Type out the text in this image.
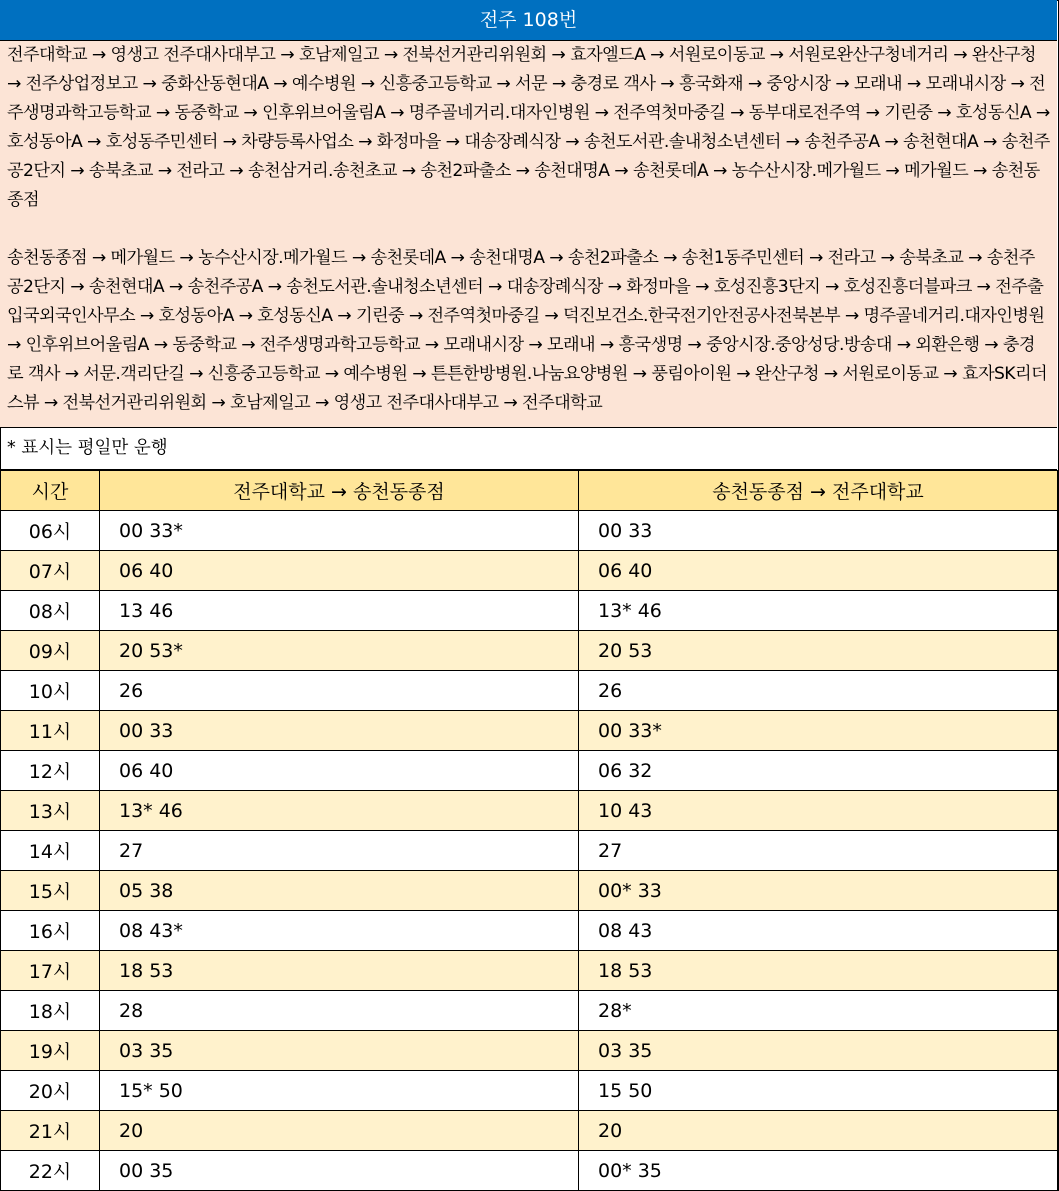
전주 108번

전주대학교 → 영생고 전주대사대부고 → 호남제일고 → 전북선거관리위원회 → 효자엘드A → 서원로이동교 → 서원로완산구청네거리 → 완산구청 → 전주상업정보고 → 중화산동현대A → 예수병원 → 신흥중고등학교 → 서문 → 충경로 객사 → 흥국화재 → 중앙시장 → 모래내 → 모래내시장 → 전주생명과학고등학교 → 동중학교 → 인후위브어울림A → 명주골네거리.대자인병원 → 전주역첫마중길 → 동부대로전주역 → 기린중 → 호성동신A → 호성동아A → 호성동주민센터 → 차량등록사업소 → 화정마을 → 대송장례식장 → 송천도서관.솔내청소년센터 → 송천주공A → 송천현대A → 송천주공2단지 → 송북초교 → 전라고 → 송천삼거리.송천초교 → 송천2파출소 → 송천대명A → 송천롯데A → 농수산시장.메가월드 → 메가월드 → 송천동종점

송천동종점 → 메가월드 → 농수산시장.메가월드 → 송천롯데A → 송천대명A → 송천2파출소 → 송천1동주민센터 → 전라고 → 송북초교 → 송천주공2단지 → 송천현대A → 송천주공A → 송천도서관.솔내청소년센터 → 대송장례식장 → 화정마을 → 호성진흥3단지 → 호성진흥더블파크 → 전주출입국외국인사무소 → 호성동아A → 호성동신A → 기린중 → 전주역첫마중길 → 덕진보건소.한국전기안전공사전북본부 → 명주골네거리.대자인병원 → 인후위브어울림A → 동중학교 → 전주생명과학고등학교 → 모래내시장 → 모래내 → 흥국생명 → 중앙시장.중앙성당.방송대 → 외환은행 → 충경로 객사 → 서문.객리단길 → 신흥중고등학교 → 예수병원 → 튼튼한방병원.나눔요양병원 → 풍림아이원 → 완산구청 → 서원로이동교 → 효자SK리더스뷰 → 전북선거관리위원회 → 호남제일고 → 영생고 전주대사대부고 → 전주대학교

* 표시는 평일만 운행
시간	전주대학교 → 송천동종점	송천동종점 → 전주대학교
06시	00 33*	00 33
07시	06 40	06 40
08시	13 46	13* 46
09시	20 53*	20 53
10시	26	26
11시	00 33	00 33*
12시	06 40	06 32
13시	13* 46	10 43
14시	27	27
15시	05 38	00* 33
16시	08 43*	08 43
17시	18 53	18 53
18시	28	28*
19시	03 35	03 35
20시	15* 50	15 50
21시	20	20
22시	00 35	00* 35
